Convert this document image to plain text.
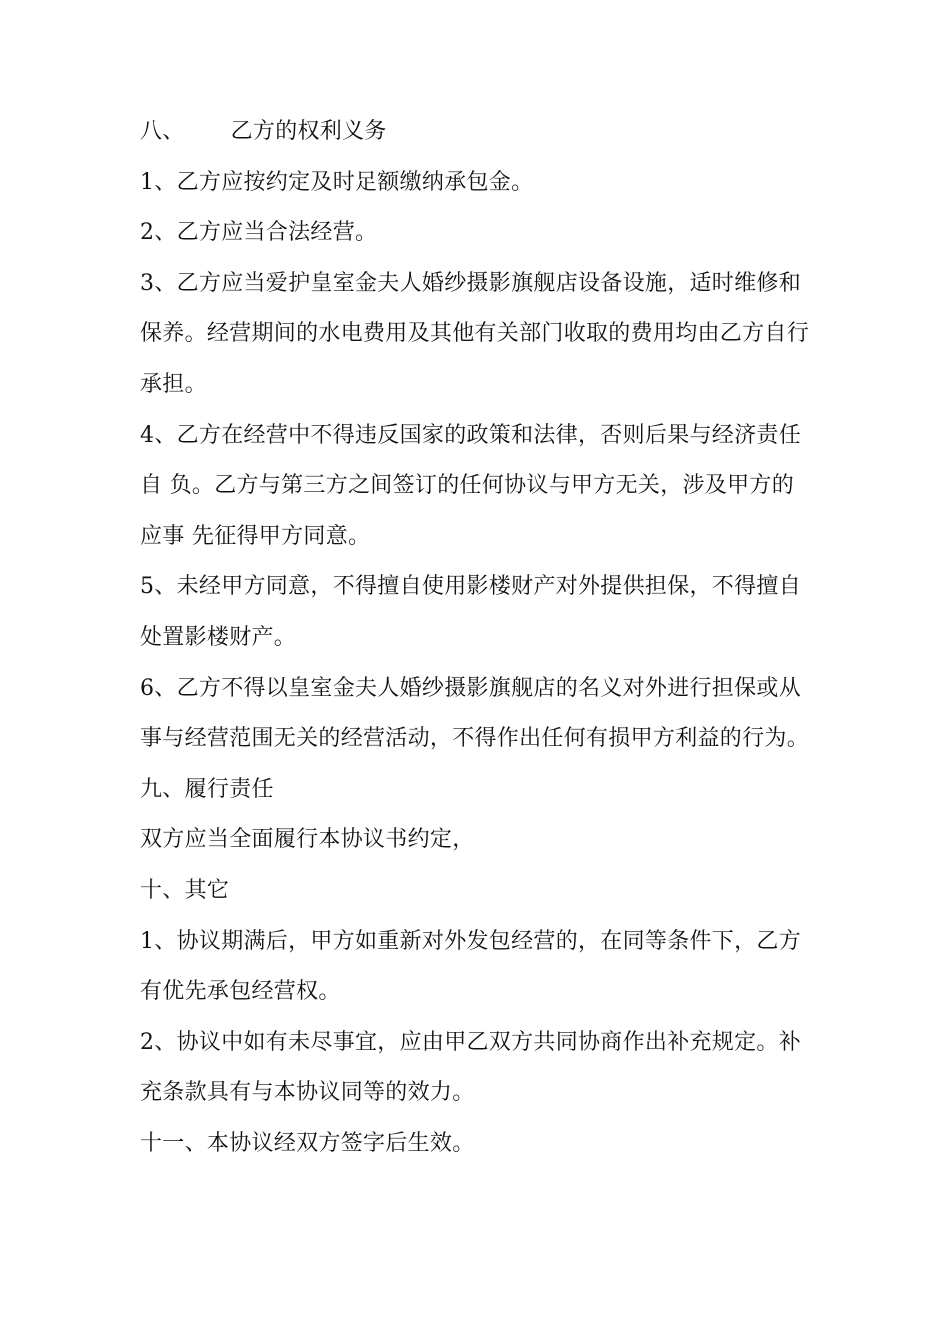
八、 乙方的权利义务
1、乙方应按约定及时足额缴纳承包金。
2、乙方应当合法经营。
3、乙方应当爱护皇室金夫人婚纱摄影旗舰店设备设施，适时维修和
保养。经营期间的水电费用及其他有关部门收取的费用均由乙方自行
承担。
4、乙方在经营中不得违反国家的政策和法律，否则后果与经济责任
自 负。乙方与第三方之间签订的任何协议与甲方无关，涉及甲方的
应事 先征得甲方同意。
5、未经甲方同意，不得擅自使用影楼财产对外提供担保，不得擅自
处置影楼财产。
6、乙方不得以皇室金夫人婚纱摄影旗舰店的名义对外进行担保或从
事与经营范围无关的经营活动，不得作出任何有损甲方利益的行为。
九、履行责任
双方应当全面履行本协议书约定，
十、其它
1、协议期满后，甲方如重新对外发包经营的，在同等条件下，乙方
有优先承包经营权。
2、协议中如有未尽事宜，应由甲乙双方共同协商作出补充规定。补
充条款具有与本协议同等的效力。
十一、本协议经双方签字后生效。
